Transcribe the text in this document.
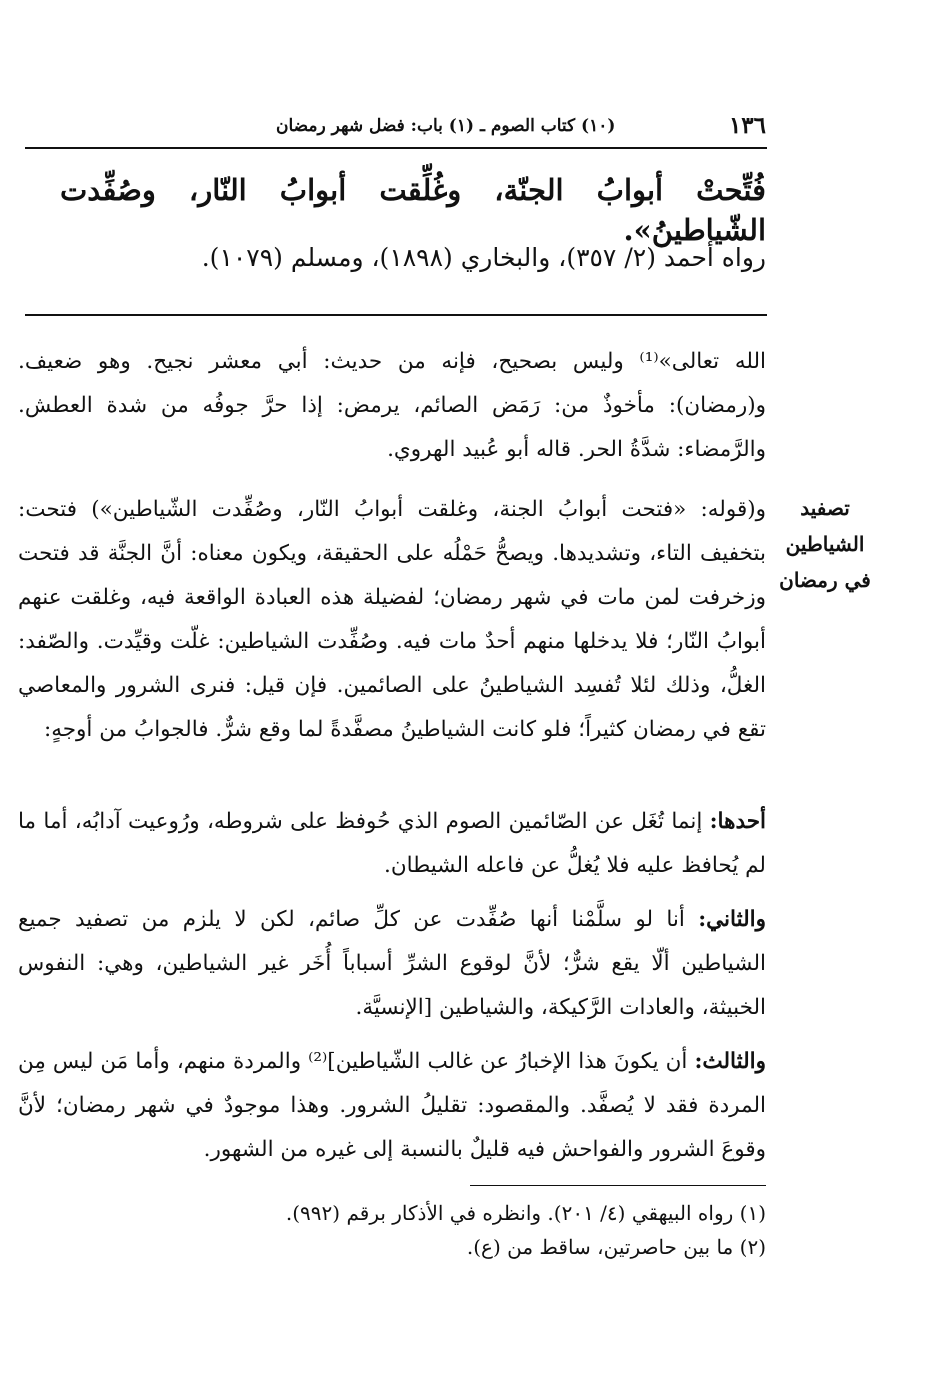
١٣٦
(١٠) كتاب الصوم ـ (١) باب: فضل شهر رمضان
فُتِّحتْ أبوابُ الجنّة، وغُلِّقت أبوابُ النّار، وصُفِّدت الشّياطينُ».
رواه أحمد (٢/ ٣٥٧)، والبخاري (١٨٩٨)، ومسلم (١٠٧٩).
الله تعالى»⁽¹⁾ وليس بصحيح، فإنه من حديث: أبي معشر نجيح. وهو ضعيف. و(رمضان): مأخوذٌ من: رَمَض الصائم، يرمض: إذا حرَّ جوفُه من شدة العطش. والرَّمضاء: شدَّةُ الحر. قاله أبو عُبيد الهروي.
تصفيد
الشياطين
في رمضان
و(قوله: «فتحت أبوابُ الجنة، وغلقت أبوابُ النّار، وصُفِّدت الشّياطين») فتحت: بتخفيف التاء، وتشديدها. ويصحُّ حَمْلُه على الحقيقة، ويكون معناه: أنَّ الجنَّة قد فتحت وزخرفت لمن مات في شهر رمضان؛ لفضيلة هذه العبادة الواقعة فيه، وغلقت عنهم أبوابُ النّار؛ فلا يدخلها منهم أحدٌ مات فيه. وصُفِّدت الشياطين: غلّت وقيِّدت. والصّفد: الغلُّ، وذلك لئلا تُفسِد الشياطينُ على الصائمين. فإن قيل: فنرى الشرور والمعاصي تقع في رمضان كثيراً؛ فلو كانت الشياطينُ مصفَّدةً لما وقع شرٌّ. فالجوابُ من أوجهٍ:
أحدها: إنما تُغَل عن الصّائمين الصوم الذي حُوفظ على شروطه، ورُوعيت آدابُه، أما ما لم يُحافظ عليه فلا يُغلُّ عن فاعله الشيطان.
والثاني: أنا لو سلَّمْنا أنها صُفِّدت عن كلِّ صائم، لكن لا يلزم من تصفيد جميع الشياطين ألّا يقع شرٌّ؛ لأنَّ لوقوع الشرِّ أسباباً أُخَر غير الشياطين، وهي: النفوس الخبيثة، والعادات الرَّكيكة، والشياطين [الإنسيَّة.
والثالث: أن يكونَ هذا الإخبارُ عن غالب الشّياطين]⁽²⁾ والمردة منهم، وأما مَن ليس مِن المردة فقد لا يُصفَّد. والمقصود: تقليلُ الشرور. وهذا موجودٌ في شهر رمضان؛ لأنَّ وقوعَ الشرور والفواحش فيه قليلٌ بالنسبة إلى غيره من الشهور.
(١) رواه البيهقي (٤/ ٢٠١). وانظره في الأذكار برقم (٩٩٢).
(٢) ما بين حاصرتين، ساقط من (ع).
